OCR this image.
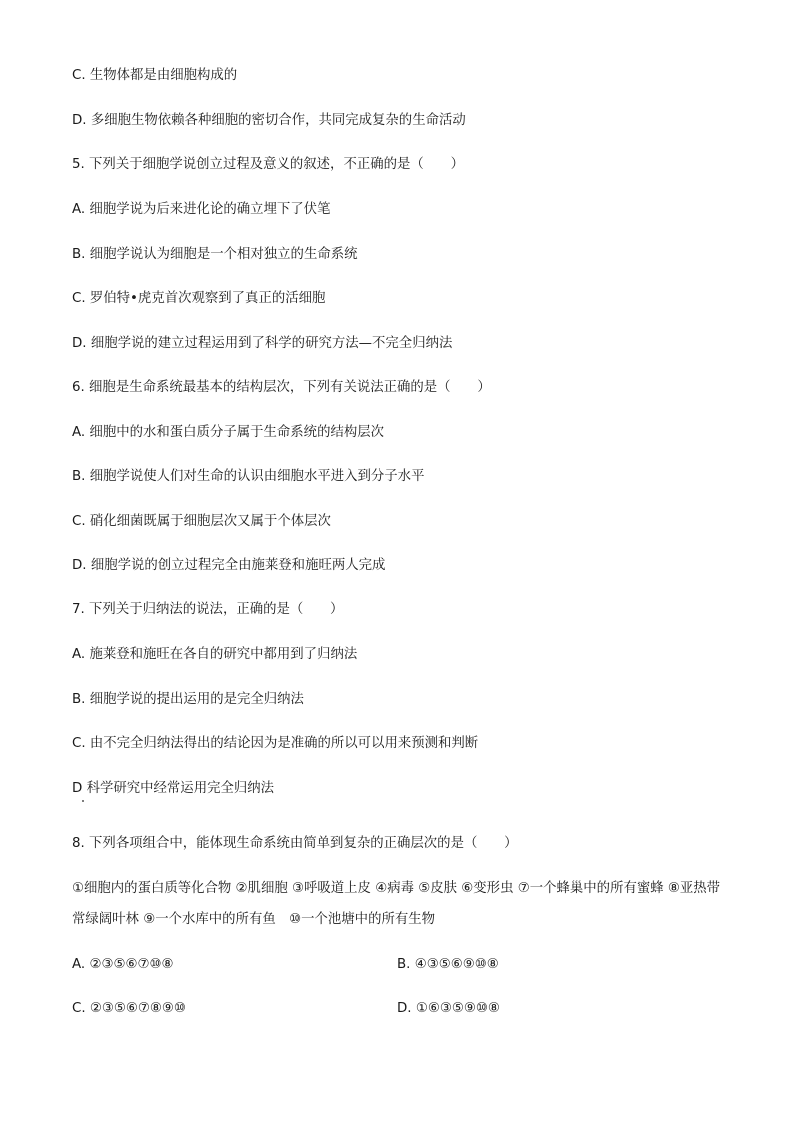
C. 生物体都是由细胞构成的
D. 多细胞生物依赖各种细胞的密切合作，共同完成复杂的生命活动
5. 下列关于细胞学说创立过程及意义的叙述，不正确的是（　　）
A. 细胞学说为后来进化论的确立埋下了伏笔
B. 细胞学说认为细胞是一个相对独立的生命系统
C. 罗伯特•虎克首次观察到了真正的活细胞
D. 细胞学说的建立过程运用到了科学的研究方法—不完全归纳法
6. 细胞是生命系统最基本的结构层次，下列有关说法正确的是（　　）
A. 细胞中的水和蛋白质分子属于生命系统的结构层次
B. 细胞学说使人们对生命的认识由细胞水平进入到分子水平
C. 硝化细菌既属于细胞层次又属于个体层次
D. 细胞学说的创立过程完全由施莱登和施旺两人完成
7. 下列关于归纳法的说法，正确的是（　　）
A. 施莱登和施旺在各自的研究中都用到了归纳法
B. 细胞学说的提出运用的是完全归纳法
C. 由不完全归纳法得出的结论因为是准确的所以可以用来预测和判断
D 科学研究中经常运用完全归纳法
8. 下列各项组合中，能体现生命系统由简单到复杂的正确层次的是（　　）
①细胞内的蛋白质等化合物 ②肌细胞 ③呼吸道上皮 ④病毒 ⑤皮肤 ⑥变形虫 ⑦一个蜂巢中的所有蜜蜂 ⑧亚热带常绿阔叶林 ⑨一个水库中的所有鱼　⑩一个池塘中的所有生物
A. ②③⑤⑥⑦⑩⑧	B. ④③⑤⑥⑨⑩⑧
C. ②③⑤⑥⑦⑧⑨⑩	D. ①⑥③⑤⑨⑩⑧
